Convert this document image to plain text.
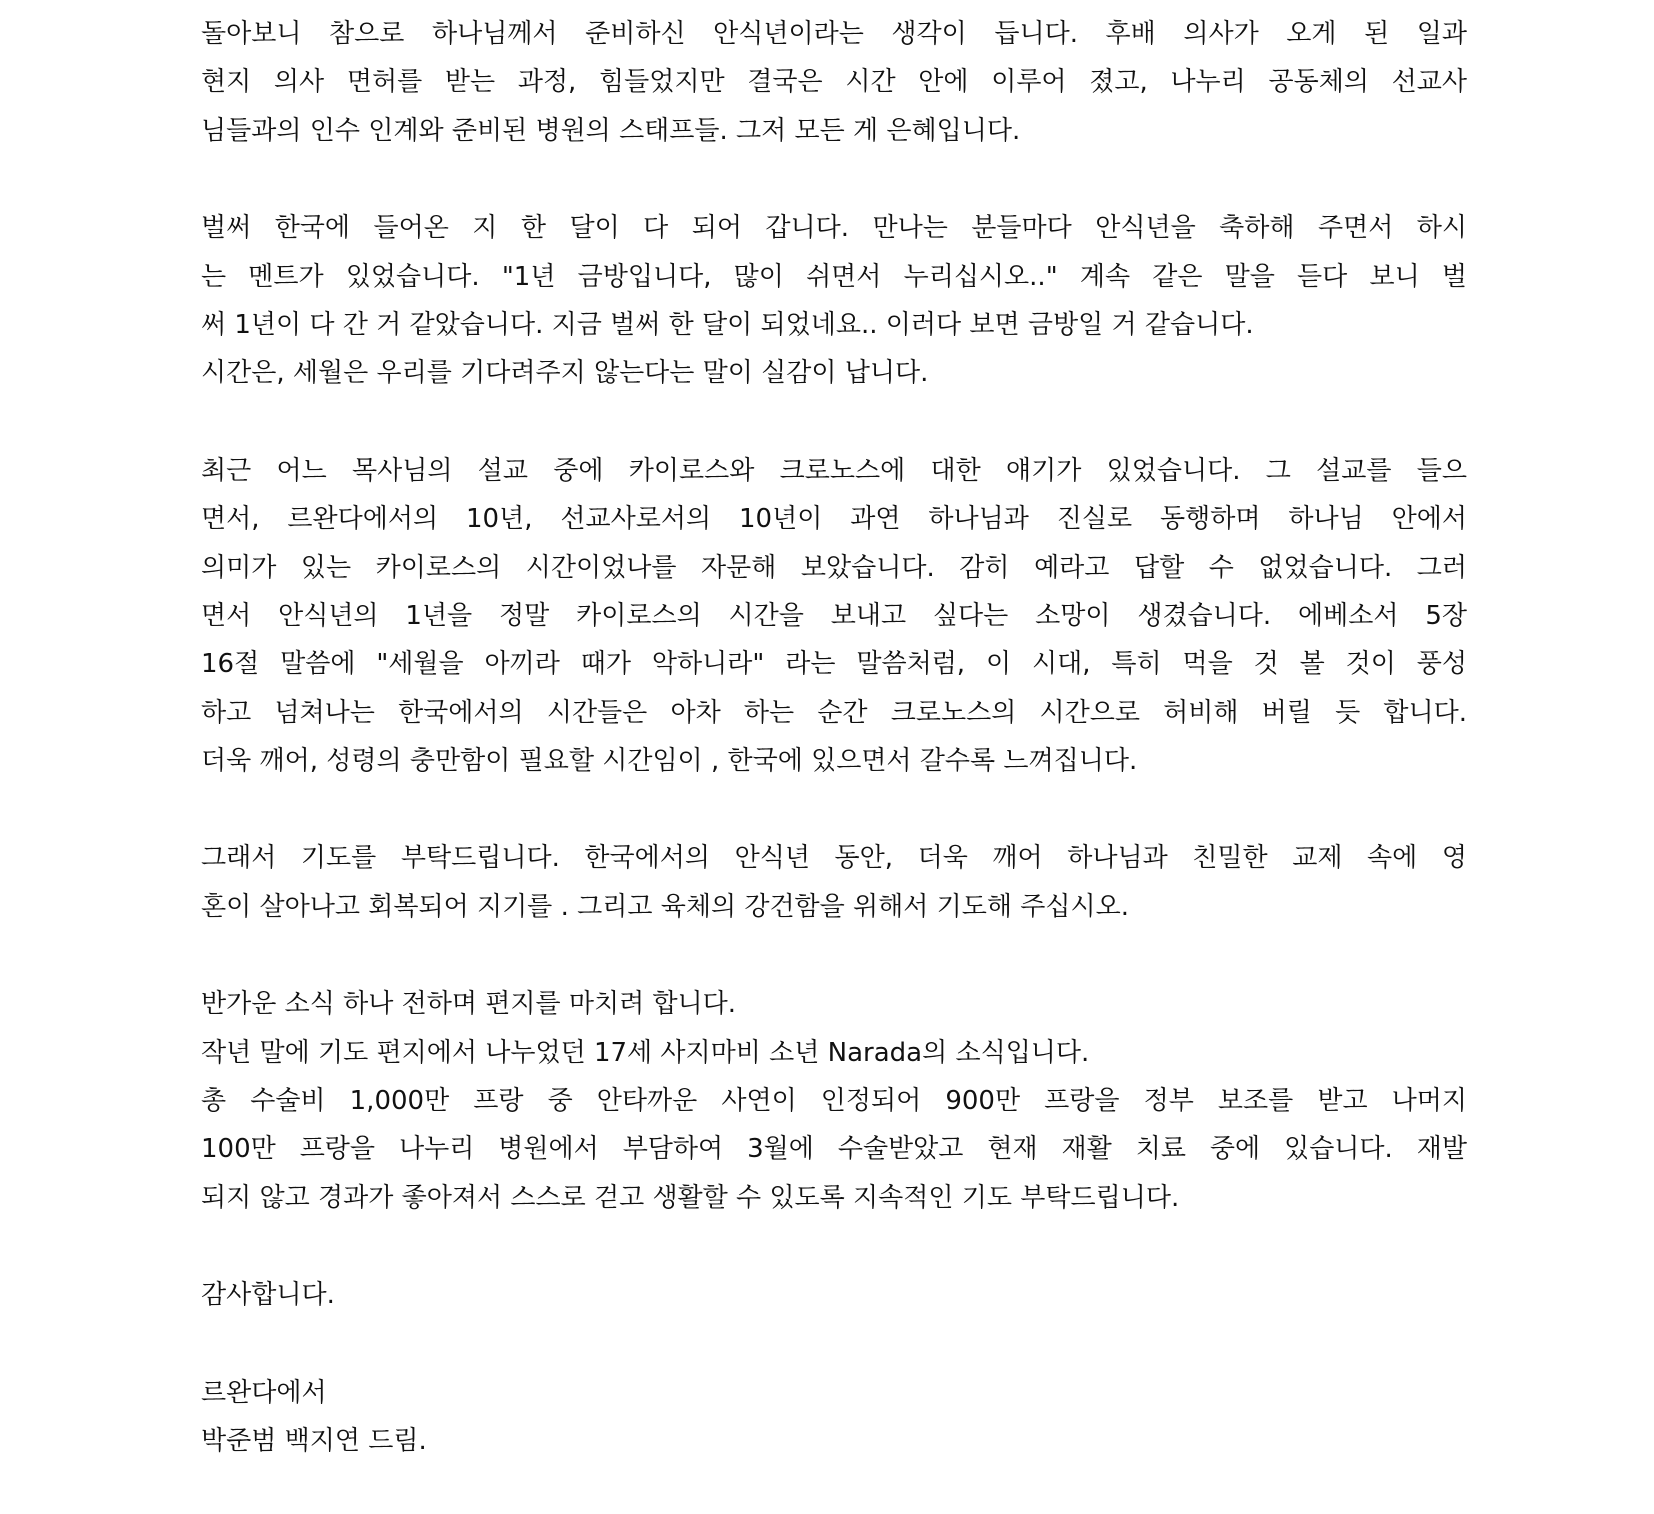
돌아보니 참으로 하나님께서 준비하신 안식년이라는 생각이 듭니다. 후배 의사가 오게 된 일과
현지 의사 면허를 받는 과정, 힘들었지만 결국은 시간 안에 이루어 졌고, 나누리 공동체의 선교사
님들과의 인수 인계와 준비된 병원의 스태프들. 그저 모든 게 은혜입니다.
벌써 한국에 들어온 지 한 달이 다 되어 갑니다. 만나는 분들마다 안식년을 축하해 주면서 하시
는 멘트가 있었습니다. "1년 금방입니다, 많이 쉬면서 누리십시오.." 계속 같은 말을 듣다 보니 벌
써 1년이 다 간 거 같았습니다. 지금 벌써 한 달이 되었네요.. 이러다 보면 금방일 거 같습니다.
시간은, 세월은 우리를 기다려주지 않는다는 말이 실감이 납니다.
최근 어느 목사님의 설교 중에 카이로스와 크로노스에 대한 얘기가 있었습니다. 그 설교를 들으
면서, 르완다에서의 10년, 선교사로서의 10년이 과연 하나님과 진실로 동행하며 하나님 안에서
의미가 있는 카이로스의 시간이었나를 자문해 보았습니다. 감히 예라고 답할 수 없었습니다. 그러
면서 안식년의 1년을 정말 카이로스의 시간을 보내고 싶다는 소망이 생겼습니다. 에베소서 5장
16절 말씀에 "세월을 아끼라 때가 악하니라" 라는 말씀처럼, 이 시대, 특히 먹을 것 볼 것이 풍성
하고 넘쳐나는 한국에서의 시간들은 아차 하는 순간 크로노스의 시간으로 허비해 버릴 듯 합니다.
더욱 깨어, 성령의 충만함이 필요할 시간임이 , 한국에 있으면서 갈수록 느껴집니다.
그래서 기도를 부탁드립니다. 한국에서의 안식년 동안, 더욱 깨어 하나님과 친밀한 교제 속에 영
혼이 살아나고 회복되어 지기를 . 그리고 육체의 강건함을 위해서 기도해 주십시오.
반가운 소식 하나 전하며 편지를 마치려 합니다.
작년 말에 기도 편지에서 나누었던 17세 사지마비 소년 Narada의 소식입니다.
총 수술비 1,000만 프랑 중 안타까운 사연이 인정되어 900만 프랑을 정부 보조를 받고 나머지
100만 프랑을 나누리 병원에서 부담하여 3월에 수술받았고 현재 재활 치료 중에 있습니다. 재발
되지 않고 경과가 좋아져서 스스로 걷고 생활할 수 있도록 지속적인 기도 부탁드립니다.
감사합니다.
르완다에서
박준범 백지연 드림.
